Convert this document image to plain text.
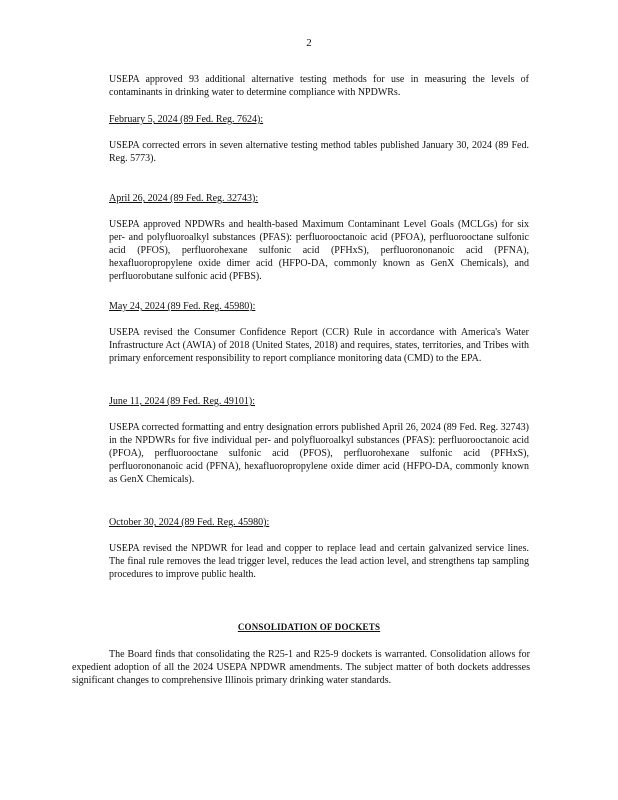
2
USEPA approved 93 additional alternative testing methods for use in measuring the levels of contaminants in drinking water to determine compliance with NPDWRs.
February 5, 2024 (89 Fed. Reg. 7624):
USEPA corrected errors in seven alternative testing method tables published January 30, 2024 (89 Fed. Reg. 5773).
April 26, 2024 (89 Fed. Reg. 32743):
USEPA approved NPDWRs and health-based Maximum Contaminant Level Goals (MCLGs) for six per- and polyfluoroalkyl substances (PFAS): perfluorooctanoic acid (PFOA), perfluorooctane sulfonic acid (PFOS), perfluorohexane sulfonic acid (PFHxS), perfluorononanoic acid (PFNA), hexafluoropropylene oxide dimer acid (HFPO-DA, commonly known as GenX Chemicals), and perfluorobutane sulfonic acid (PFBS).
May 24, 2024 (89 Fed. Reg. 45980):
USEPA revised the Consumer Confidence Report (CCR) Rule in accordance with America's Water Infrastructure Act (AWIA) of 2018 (United States, 2018) and requires, states, territories, and Tribes with primary enforcement responsibility to report compliance monitoring data (CMD) to the EPA.
June 11, 2024 (89 Fed. Reg. 49101):
USEPA corrected formatting and entry designation errors published April 26, 2024 (89 Fed. Reg. 32743) in the NPDWRs for five individual per- and polyfluoroalkyl substances (PFAS): perfluorooctanoic acid (PFOA), perfluorooctane sulfonic acid (PFOS), perfluorohexane sulfonic acid (PFHxS), perfluorononanoic acid (PFNA), hexafluoropropylene oxide dimer acid (HFPO-DA, commonly known as GenX Chemicals).
October 30, 2024 (89 Fed. Reg. 45980):
USEPA revised the NPDWR for lead and copper to replace lead and certain galvanized service lines. The final rule removes the lead trigger level, reduces the lead action level, and strengthens tap sampling procedures to improve public health.
CONSOLIDATION OF DOCKETS
The Board finds that consolidating the R25-1 and R25-9 dockets is warranted. Consolidation allows for expedient adoption of all the 2024 USEPA NPDWR amendments. The subject matter of both dockets addresses significant changes to comprehensive Illinois primary drinking water standards.
